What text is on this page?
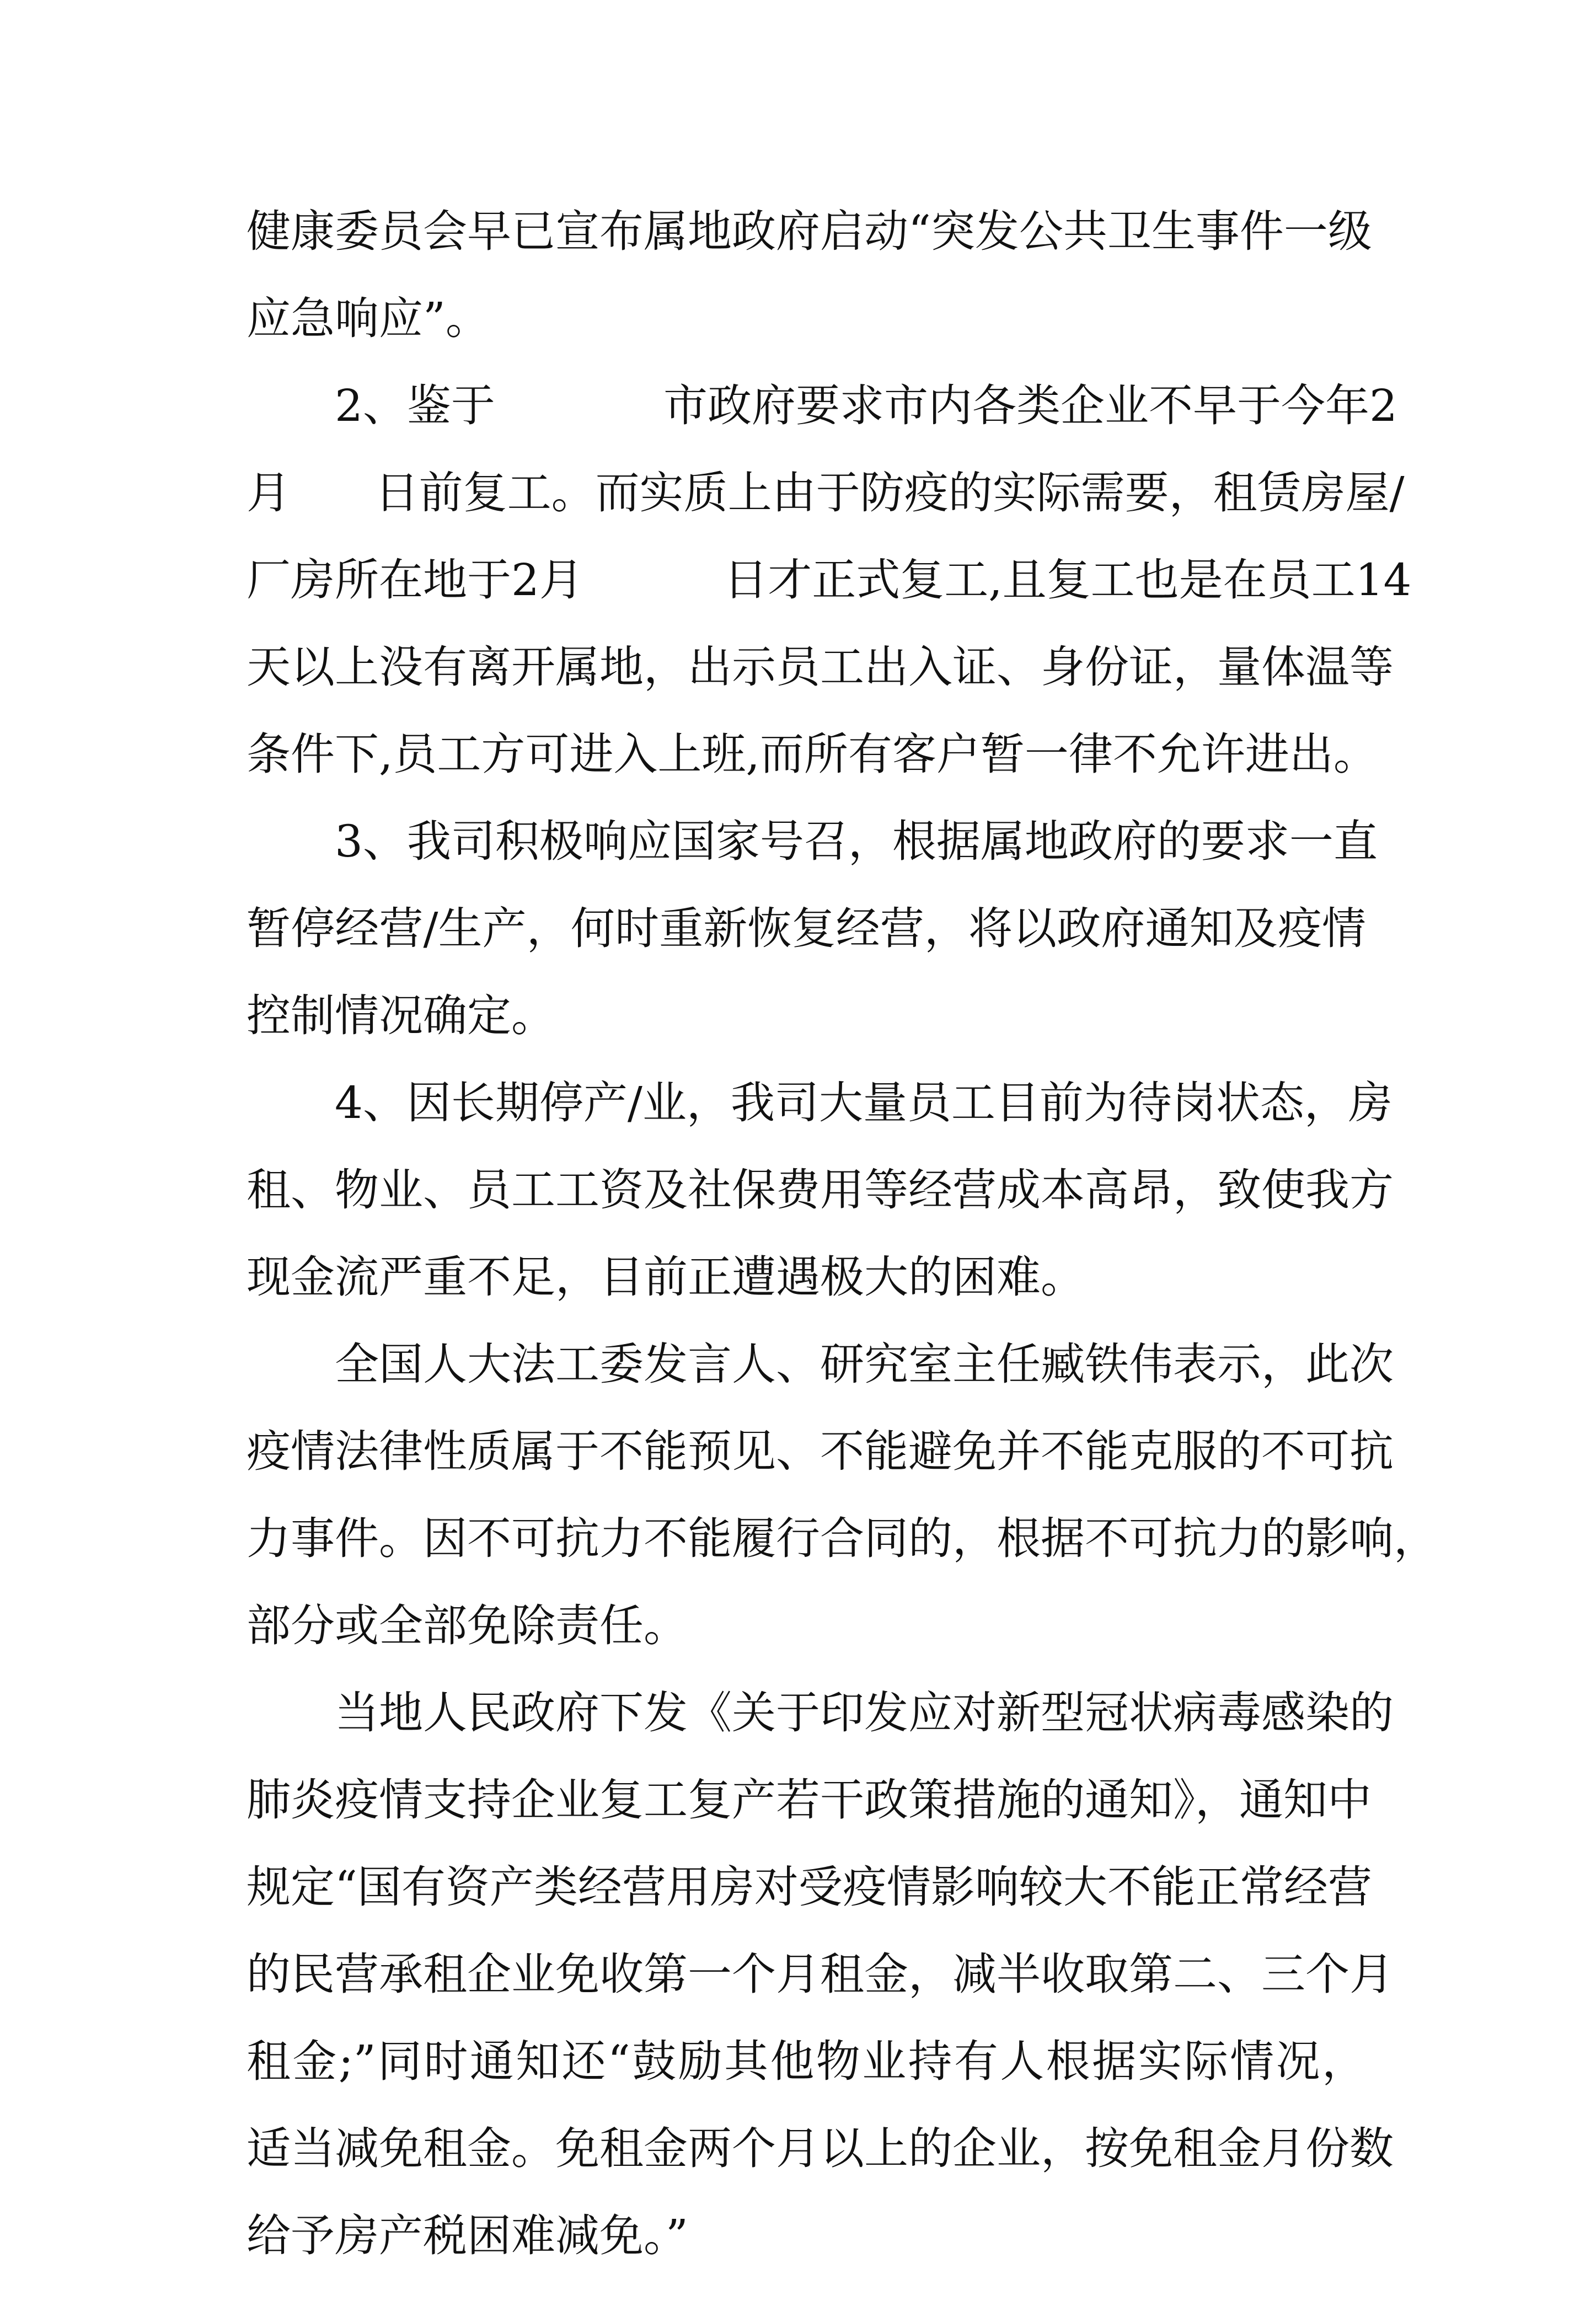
健康委员会早已宣布属地政府启动“突发公共卫生事件一级
应急响应”。
2、鉴于            市政府要求市内各类企业不早于今年2
月      日前复工。而实质上由于防疫的实际需要，租赁房屋/
厂房所在地于2月          日才正式复工,且复工也是在员工14
天以上没有离开属地，出示员工出入证、身份证，量体温等
条件下,员工方可进入上班,而所有客户暂一律不允许进出。
3、我司积极响应国家号召，根据属地政府的要求一直
暂停经营/生产，何时重新恢复经营，将以政府通知及疫情
控制情况确定。
4、因长期停产/业，我司大量员工目前为待岗状态，房
租、物业、员工工资及社保费用等经营成本高昂，致使我方
现金流严重不足，目前正遭遇极大的困难。
全国人大法工委发言人、研究室主任臧铁伟表示，此次
疫情法律性质属于不能预见、不能避免并不能克服的不可抗
力事件。因不可抗力不能履行合同的，根据不可抗力的影响，
部分或全部免除责任。
当地人民政府下发《关于印发应对新型冠状病毒感染的
肺炎疫情支持企业复工复产若干政策措施的通知》，通知中
规定“国有资产类经营用房对受疫情影响较大不能正常经营
的民营承租企业免收第一个月租金，减半收取第二、三个月
租金;”同时通知还“鼓励其他物业持有人根据实际情况，
适当减免租金。免租金两个月以上的企业，按免租金月份数
给予房产税困难减免。”
